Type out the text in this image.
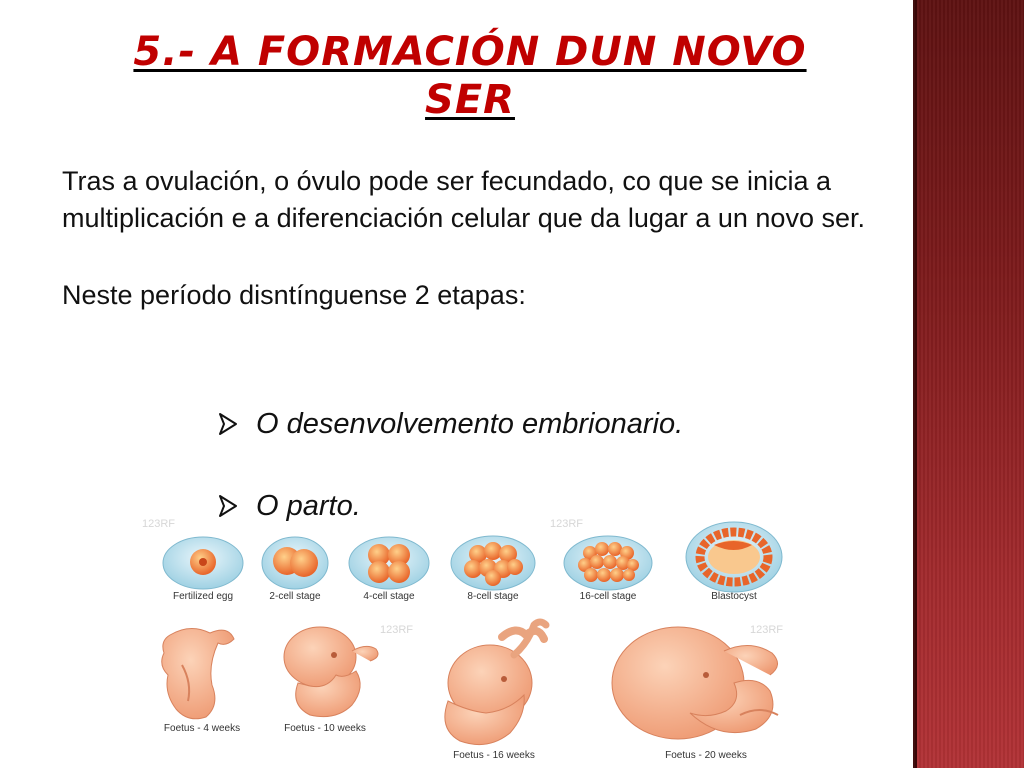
5.- A FORMACIÓN DUN NOVO
SER

Tras a ovulación, o óvulo pode ser fecundado, co que se inicia a multiplicación e a diferenciación celular que da lugar a un novo ser.

Neste período disntínguense 2 etapas:

O desenvolvemento embrionario.
O parto.
123RF	123RF
123RF	123RF
Fertilized egg	2-cell stage	4-cell stage	8-cell stage	16-cell stage	Blastocyst
Foetus - 4 weeks	Foetus - 10 weeks
Foetus - 16 weeks	Foetus - 20 weeks
